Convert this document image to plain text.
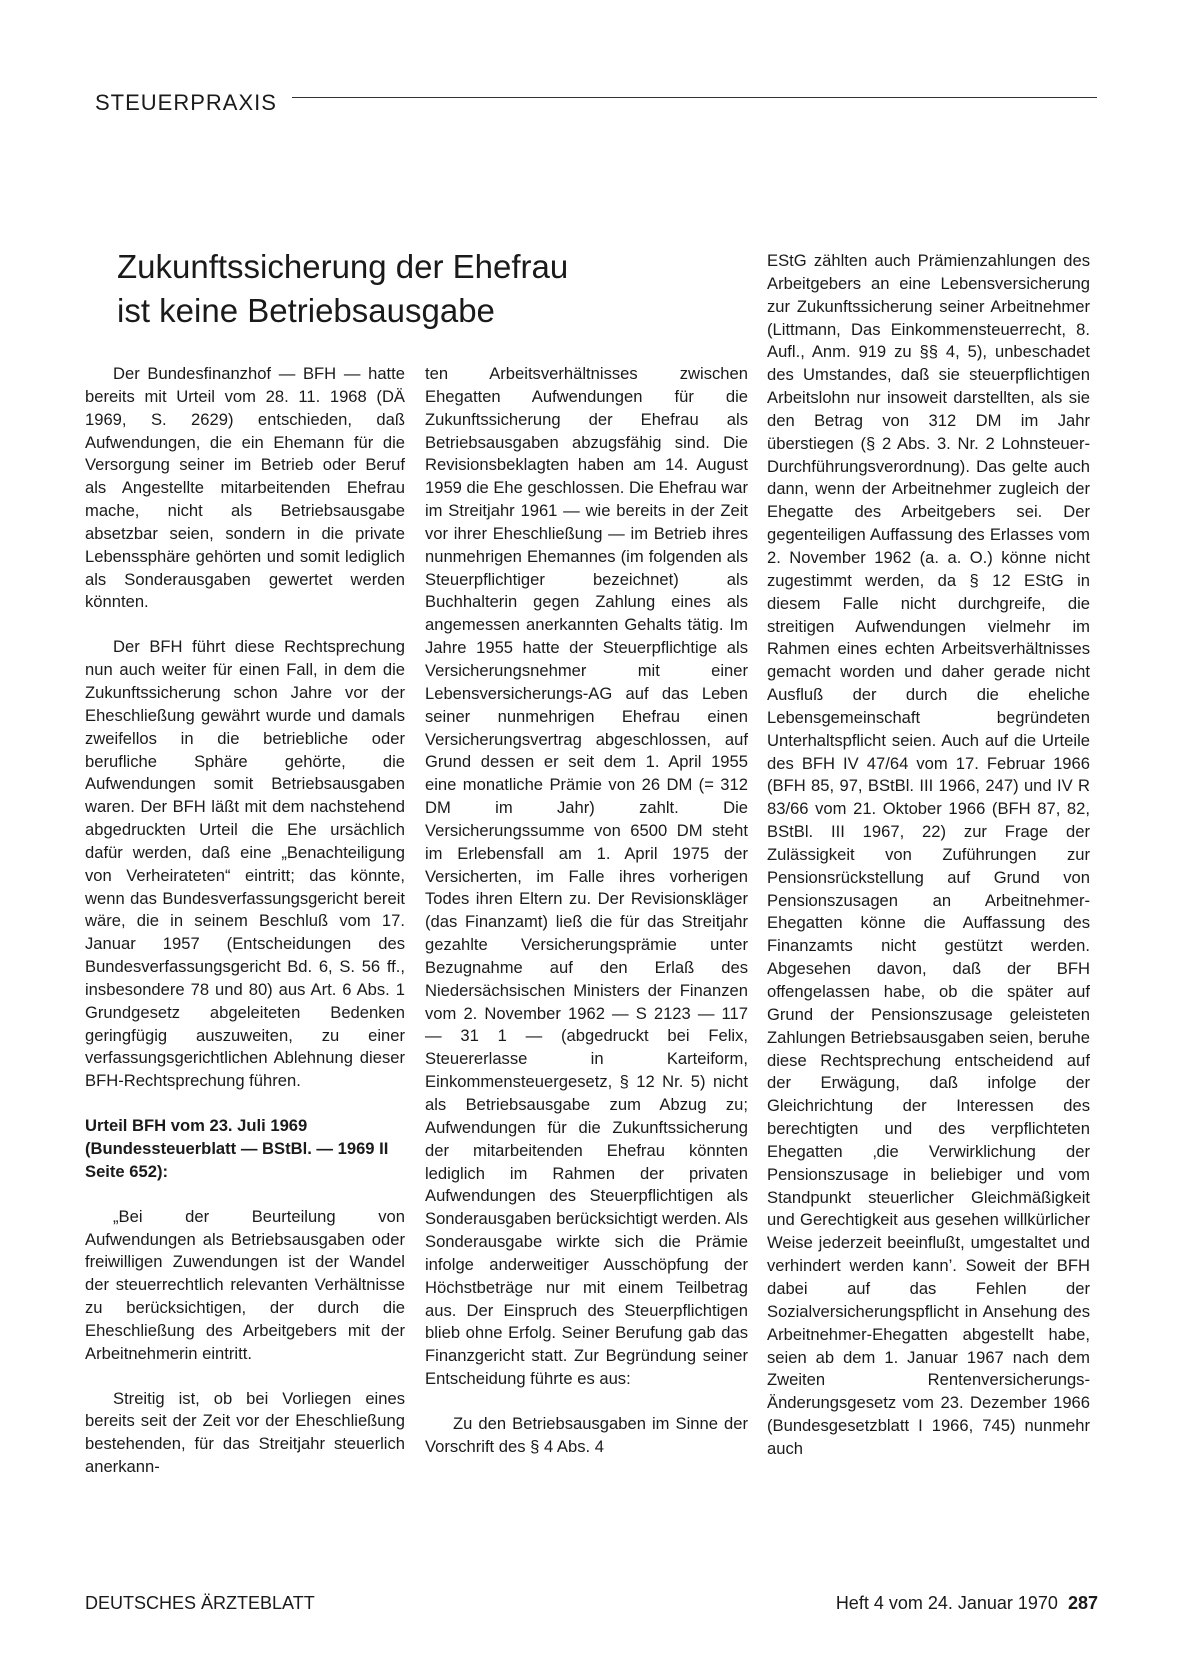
STEUERPRAXIS
Zukunftssicherung der Ehefrau
ist keine Betriebsausgabe

Der Bundesfinanzhof — BFH — hatte bereits mit Urteil vom 28. 11. 1968 (DÄ 1969, S. 2629) entschieden, daß Aufwendungen, die ein Ehemann für die Versorgung seiner im Betrieb oder Beruf als Angestellte mitarbeitenden Ehefrau mache, nicht als Betriebsausgabe absetzbar seien, sondern in die private Lebenssphäre gehörten und somit lediglich als Sonderausgaben gewertet werden könnten.

Der BFH führt diese Rechtsprechung nun auch weiter für einen Fall, in dem die Zukunftssicherung schon Jahre vor der Eheschließung gewährt wurde und damals zweifellos in die betriebliche oder berufliche Sphäre gehörte, die Aufwendungen somit Betriebsausgaben waren. Der BFH läßt mit dem nachstehend abgedruckten Urteil die Ehe ursächlich dafür werden, daß eine „Benachteiligung von Verheirateten“ eintritt; das könnte, wenn das Bundesverfassungsgericht bereit wäre, die in seinem Beschluß vom 17. Januar 1957 (Entscheidungen des Bundesverfassungsgericht Bd. 6, S. 56 ff., insbesondere 78 und 80) aus Art. 6 Abs. 1 Grundgesetz abgeleiteten Bedenken geringfügig auszuweiten, zu einer verfassungsgerichtlichen Ablehnung dieser BFH-Rechtsprechung führen.

Urteil BFH vom 23. Juli 1969 (Bundessteuerblatt — BStBl. — 1969 II Seite 652):

„Bei der Beurteilung von Aufwendungen als Betriebsausgaben oder freiwilligen Zuwendungen ist der Wandel der steuerrechtlich relevanten Verhältnisse zu berücksichtigen, der durch die Eheschließung des Arbeitgebers mit der Arbeitnehmerin eintritt.

Streitig ist, ob bei Vorliegen eines bereits seit der Zeit vor der Eheschließung bestehenden, für das Streitjahr steuerlich anerkann-

ten Arbeitsverhältnisses zwischen Ehegatten Aufwendungen für die Zukunftssicherung der Ehefrau als Betriebsausgaben abzugsfähig sind. Die Revisionsbeklagten haben am 14. August 1959 die Ehe geschlossen. Die Ehefrau war im Streitjahr 1961 — wie bereits in der Zeit vor ihrer Eheschließung — im Betrieb ihres nunmehrigen Ehemannes (im folgenden als Steuerpflichtiger bezeichnet) als Buchhalterin gegen Zahlung eines als angemessen anerkannten Gehalts tätig. Im Jahre 1955 hatte der Steuerpflichtige als Versicherungsnehmer mit einer Lebensversicherungs-AG auf das Leben seiner nunmehrigen Ehefrau einen Versicherungsvertrag abgeschlossen, auf Grund dessen er seit dem 1. April 1955 eine monatliche Prämie von 26 DM (= 312 DM im Jahr) zahlt. Die Versicherungssumme von 6500 DM steht im Erlebensfall am 1. April 1975 der Versicherten, im Falle ihres vorherigen Todes ihren Eltern zu. Der Revisionskläger (das Finanzamt) ließ die für das Streitjahr gezahlte Versicherungsprämie unter Bezugnahme auf den Erlaß des Niedersächsischen Ministers der Finanzen vom 2. November 1962 — S 2123 — 117 — 31 1 — (abgedruckt bei Felix, Steuererlasse in Karteiform, Einkommensteuergesetz, § 12 Nr. 5) nicht als Betriebsausgabe zum Abzug zu; Aufwendungen für die Zukunftssicherung der mitarbeitenden Ehefrau könnten lediglich im Rahmen der privaten Aufwendungen des Steuerpflichtigen als Sonderausgaben berücksichtigt werden. Als Sonderausgabe wirkte sich die Prämie infolge anderweitiger Ausschöpfung der Höchstbeträge nur mit einem Teilbetrag aus. Der Einspruch des Steuerpflichtigen blieb ohne Erfolg. Seiner Berufung gab das Finanzgericht statt. Zur Begründung seiner Entscheidung führte es aus:

Zu den Betriebsausgaben im Sinne der Vorschrift des § 4 Abs. 4

EStG zählten auch Prämienzahlungen des Arbeitgebers an eine Lebensversicherung zur Zukunftssicherung seiner Arbeitnehmer (Littmann, Das Einkommensteuerrecht, 8. Aufl., Anm. 919 zu §§ 4, 5), unbeschadet des Umstandes, daß sie steuerpflichtigen Arbeitslohn nur insoweit darstellten, als sie den Betrag von 312 DM im Jahr überstiegen (§ 2 Abs. 3. Nr. 2 Lohnsteuer-Durchführungsverordnung). Das gelte auch dann, wenn der Arbeitnehmer zugleich der Ehegatte des Arbeitgebers sei. Der gegenteiligen Auffassung des Erlasses vom 2. November 1962 (a. a. O.) könne nicht zugestimmt werden, da § 12 EStG in diesem Falle nicht durchgreife, die streitigen Aufwendungen vielmehr im Rahmen eines echten Arbeitsverhältnisses gemacht worden und daher gerade nicht Ausfluß der durch die eheliche Lebensgemeinschaft begründeten Unterhaltspflicht seien. Auch auf die Urteile des BFH IV 47/64 vom 17. Februar 1966 (BFH 85, 97, BStBl. III 1966, 247) und IV R 83/66 vom 21. Oktober 1966 (BFH 87, 82, BStBl. III 1967, 22) zur Frage der Zulässigkeit von Zuführungen zur Pensionsrückstellung auf Grund von Pensionszusagen an Arbeitnehmer-Ehegatten könne die Auffassung des Finanzamts nicht gestützt werden. Abgesehen davon, daß der BFH offengelassen habe, ob die später auf Grund der Pensionszusage geleisteten Zahlungen Betriebsausgaben seien, beruhe diese Rechtsprechung entscheidend auf der Erwägung, daß infolge der Gleichrichtung der Interessen des berechtigten und des verpflichteten Ehegatten ‚die Verwirklichung der Pensionszusage in beliebiger und vom Standpunkt steuerlicher Gleichmäßigkeit und Gerechtigkeit aus gesehen willkürlicher Weise jederzeit beeinflußt, umgestaltet und verhindert werden kann’. Soweit der BFH dabei auf das Fehlen der Sozialversicherungspflicht in Ansehung des Arbeitnehmer-Ehegatten abgestellt habe, seien ab dem 1. Januar 1967 nach dem Zweiten Rentenversicherungs-Änderungsgesetz vom 23. Dezember 1966 (Bundesgesetzblatt I 1966, 745) nunmehr auch

DEUTSCHES ÄRZTEBLATT	Heft 4 vom 24. Januar 1970 287
